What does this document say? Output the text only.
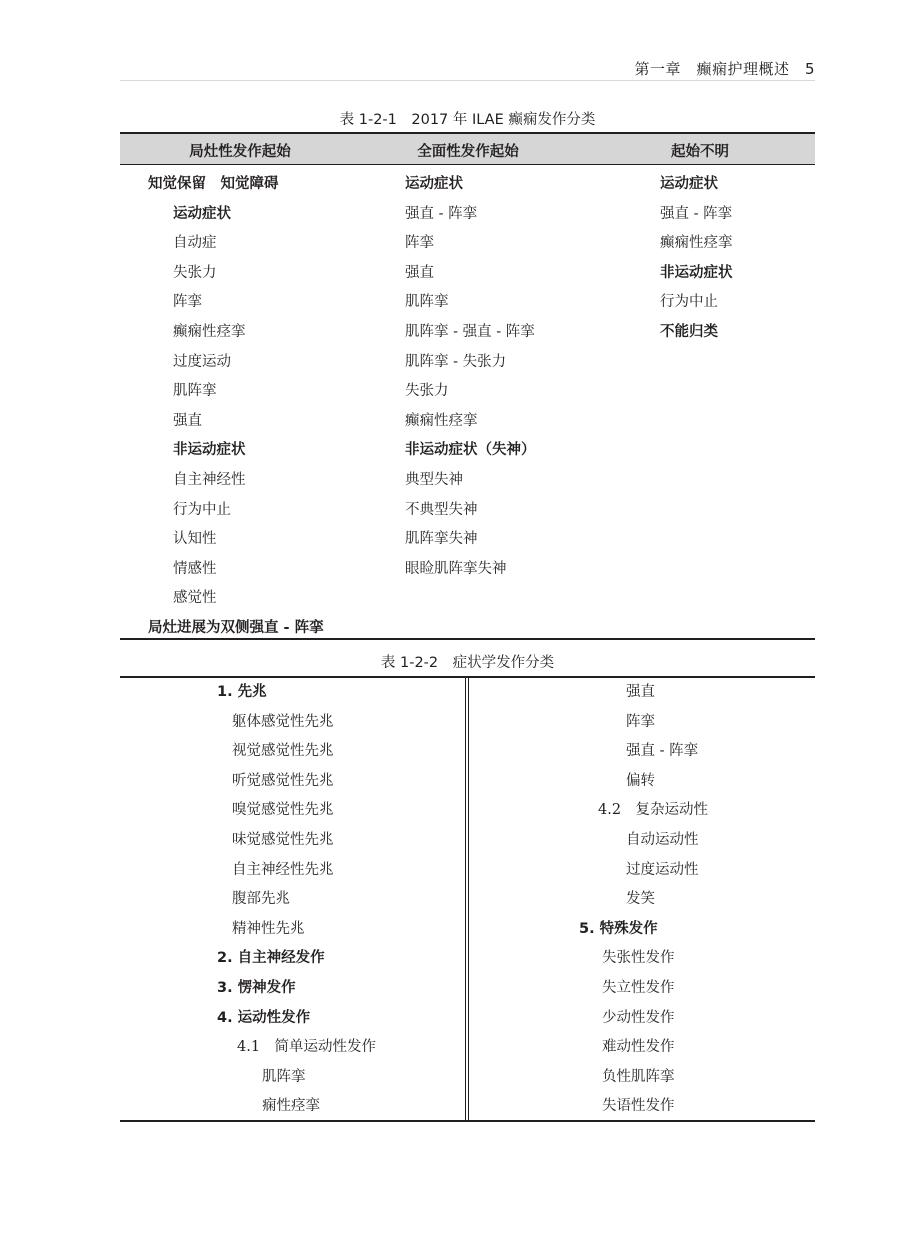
第一章　癫痫护理概述　5
表 1-2-1　2017 年 ILAE 癫痫发作分类
局灶性发作起始	全面性发作起始	起始不明
知觉保留　知觉障碍
运动症状
自动症
失张力
阵挛
癫痫性痉挛
过度运动
肌阵挛
强直
非运动症状
自主神经性
行为中止
认知性
情感性
感觉性
局灶进展为双侧强直 - 阵挛
运动症状
强直 - 阵挛
阵挛
强直
肌阵挛
肌阵挛 - 强直 - 阵挛
肌阵挛 - 失张力
失张力
癫痫性痉挛
非运动症状（失神）
典型失神
不典型失神
肌阵挛失神
眼睑肌阵挛失神
运动症状
强直 - 阵挛
癫痫性痉挛
非运动症状
行为中止
不能归类
表 1-2-2　症状学发作分类
1. 先兆
躯体感觉性先兆
视觉感觉性先兆
听觉感觉性先兆
嗅觉感觉性先兆
味觉感觉性先兆
自主神经性先兆
腹部先兆
精神性先兆
2. 自主神经发作
3. 愣神发作
4. 运动性发作
4.1　简单运动性发作
肌阵挛
痫性痉挛
强直
阵挛
强直 - 阵挛
偏转
4.2　复杂运动性
自动运动性
过度运动性
发笑
5. 特殊发作
失张性发作
失立性发作
少动性发作
难动性发作
负性肌阵挛
失语性发作
